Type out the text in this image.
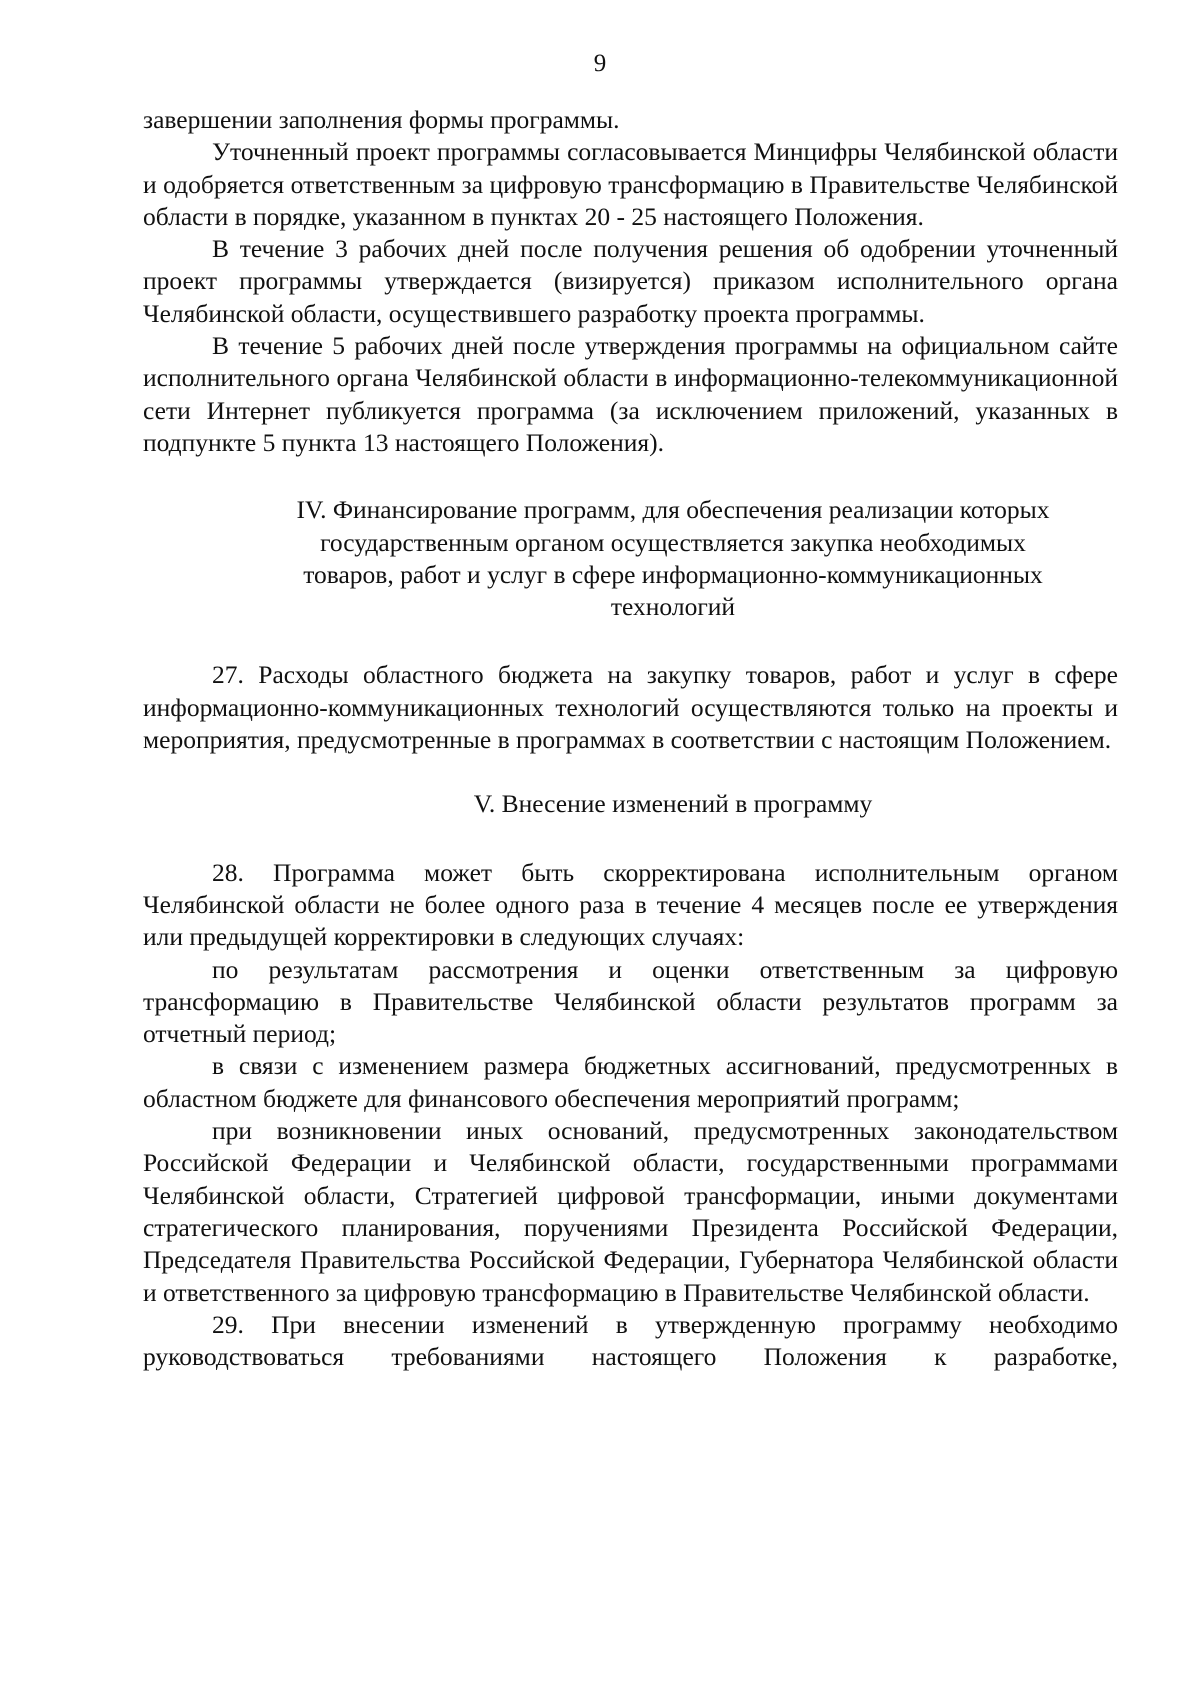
9

завершении заполнения формы программы.

Уточненный проект программы согласовывается Минцифры Челябинской области и одобряется ответственным за цифровую трансформацию в Правительстве Челябинской области в порядке, указанном в пунктах 20 - 25 настоящего Положения.

В течение 3 рабочих дней после получения решения об одобрении уточненный проект программы утверждается (визируется) приказом исполнительного органа Челябинской области, осуществившего разработку проекта программы.

В течение 5 рабочих дней после утверждения программы на официальном сайте исполнительного органа Челябинской области в информационно-телекоммуникационной сети Интернет публикуется программа (за исключением приложений, указанных в подпункте 5 пункта 13 настоящего Положения).

IV. Финансирование программ, для обеспечения реализации которых государственным органом осуществляется закупка необходимых товаров, работ и услуг в сфере информационно-коммуникационных технологий

27. Расходы областного бюджета на закупку товаров, работ и услуг в сфере информационно-коммуникационных технологий осуществляются только на проекты и мероприятия, предусмотренные в программах в соответствии с настоящим Положением.

V. Внесение изменений в программу

28. Программа может быть скорректирована исполнительным органом Челябинской области не более одного раза в течение 4 месяцев после ее утверждения или предыдущей корректировки в следующих случаях:

по результатам рассмотрения и оценки ответственным за цифровую трансформацию в Правительстве Челябинской области результатов программ за отчетный период;

в связи с изменением размера бюджетных ассигнований, предусмотренных в областном бюджете для финансового обеспечения мероприятий программ;

при возникновении иных оснований, предусмотренных законодательством Российской Федерации и Челябинской области, государственными программами Челябинской области, Стратегией цифровой трансформации, иными документами стратегического планирования, поручениями Президента Российской Федерации, Председателя Правительства Российской Федерации, Губернатора Челябинской области и ответственного за цифровую трансформацию в Правительстве Челябинской области.

29. При внесении изменений в утвержденную программу необходимо руководствоваться требованиями настоящего Положения к разработке,
